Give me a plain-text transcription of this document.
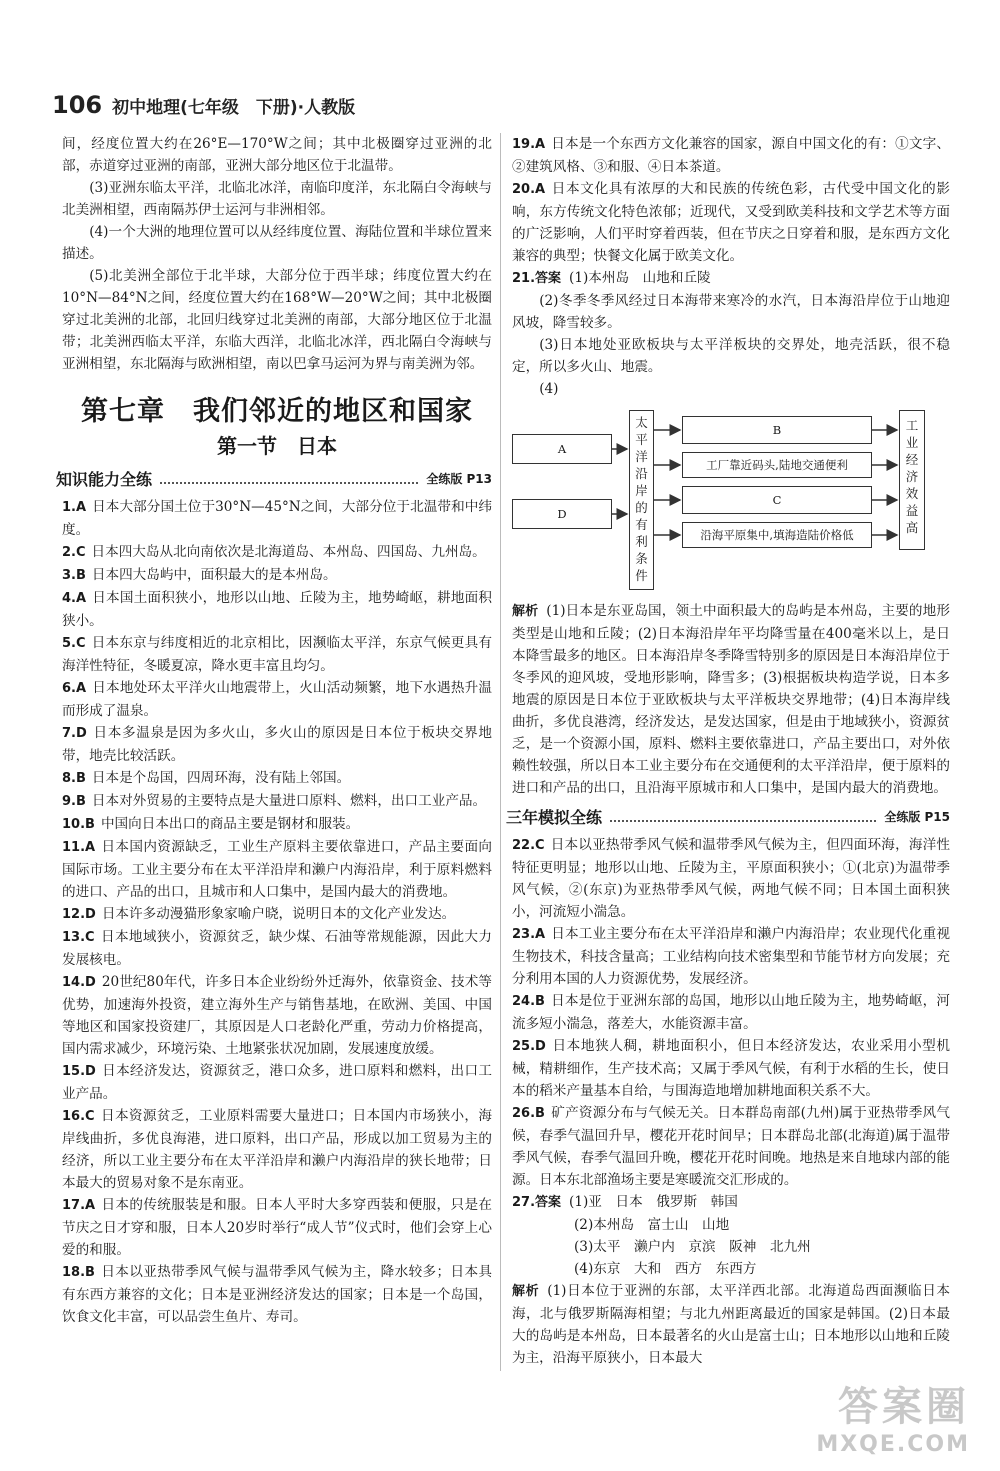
106 初中地理(七年级　下册)·人教版

间，经度位置大约在26°E—170°W之间；其中北极圈穿过亚洲的北部，赤道穿过亚洲的南部，亚洲大部分地区位于北温带。

(3)亚洲东临太平洋，北临北冰洋，南临印度洋，东北隔白令海峡与北美洲相望，西南隔苏伊士运河与非洲相邻。

(4)一个大洲的地理位置可以从经纬度位置、海陆位置和半球位置来描述。

(5)北美洲全部位于北半球，大部分位于西半球；纬度位置大约在10°N—84°N之间，经度位置大约在168°W—20°W之间；其中北极圈穿过北美洲的北部，北回归线穿过北美洲的南部，大部分地区位于北温带；北美洲西临太平洋，东临大西洋，北临北冰洋，西北隔白令海峡与亚洲相望，东北隔海与欧洲相望，南以巴拿马运河为界与南美洲为邻。

第七章　我们邻近的地区和国家
第一节　日本
知识能力全练	全练版 P13

1.A 日本大部分国土位于30°N—45°N之间，大部分位于北温带和中纬度。

2.C 日本四大岛从北向南依次是北海道岛、本州岛、四国岛、九州岛。

3.B 日本四大岛屿中，面积最大的是本州岛。

4.A 日本国土面积狭小，地形以山地、丘陵为主，地势崎岖，耕地面积狭小。

5.C 日本东京与纬度相近的北京相比，因濒临太平洋，东京气候更具有海洋性特征，冬暖夏凉，降水更丰富且均匀。

6.A 日本地处环太平洋火山地震带上，火山活动频繁，地下水遇热升温而形成了温泉。

7.D 日本多温泉是因为多火山，多火山的原因是日本位于板块交界地带，地壳比较活跃。

8.B 日本是个岛国，四周环海，没有陆上邻国。

9.B 日本对外贸易的主要特点是大量进口原料、燃料，出口工业产品。

10.B 中国向日本出口的商品主要是钢材和服装。

11.A 日本国内资源缺乏，工业生产原料主要依靠进口，产品主要面向国际市场。工业主要分布在太平洋沿岸和濑户内海沿岸，利于原料燃料的进口、产品的出口，且城市和人口集中，是国内最大的消费地。

12.D 日本许多动漫猫形象家喻户晓，说明日本的文化产业发达。

13.C 日本地域狭小，资源贫乏，缺少煤、石油等常规能源，因此大力发展核电。

14.D 20世纪80年代，许多日本企业纷纷外迁海外，依靠资金、技术等优势，加速海外投资，建立海外生产与销售基地，在欧洲、美国、中国等地区和国家投资建厂，其原因是人口老龄化严重，劳动力价格提高，国内需求减少，环境污染、土地紧张状况加剧，发展速度放缓。

15.D 日本经济发达，资源贫乏，港口众多，进口原料和燃料，出口工业产品。

16.C 日本资源贫乏，工业原料需要大量进口；日本国内市场狭小，海岸线曲折，多优良海港，进口原料，出口产品，形成以加工贸易为主的经济，所以工业主要分布在太平洋沿岸和濑户内海沿岸的狭长地带；日本最大的贸易对象不是东南亚。

17.A 日本的传统服装是和服。日本人平时大多穿西装和便服，只是在节庆之日才穿和服，日本人20岁时举行“成人节”仪式时，他们会穿上心爱的和服。

18.B 日本以亚热带季风气候与温带季风气候为主，降水较多；日本具有东西方兼容的文化；日本是亚洲经济发达的国家；日本是一个岛国，饮食文化丰富，可以品尝生鱼片、寿司。

19.A 日本是一个东西方文化兼容的国家，源自中国文化的有：①文字、②建筑风格、③和服、④日本茶道。

20.A 日本文化具有浓厚的大和民族的传统色彩，古代受中国文化的影响，东方传统文化特色浓郁；近现代，又受到欧美科技和文学艺术等方面的广泛影响，人们平时穿着西装，但在节庆之日穿着和服，是东西方文化兼容的典型；快餐文化属于欧美文化。

21.答案 (1)本州岛　山地和丘陵

(2)冬季冬季风经过日本海带来寒冷的水汽，日本海沿岸位于山地迎风坡，降雪较多。

(3)日本地处亚欧板块与太平洋板块的交界处，地壳活跃，很不稳定，所以多火山、地震。

(4)

A
D
太平洋沿岸的有利条件
B
工厂靠近码头,陆地交通便利
C
沿海平原集中,填海造陆价格低
工业经济效益高

解析 (1)日本是东亚岛国，领土中面积最大的岛屿是本州岛，主要的地形类型是山地和丘陵；(2)日本海沿岸年平均降雪量在400毫米以上，是日本降雪最多的地区。日本海沿岸冬季降雪特别多的原因是日本海沿岸位于冬季风的迎风坡，受地形影响，降雪多；(3)根据板块构造学说，日本多地震的原因是日本位于亚欧板块与太平洋板块交界地带；(4)日本海岸线曲折，多优良港湾，经济发达，是发达国家，但是由于地域狭小，资源贫乏，是一个资源小国，原料、燃料主要依靠进口，产品主要出口，对外依赖性较强，所以日本工业主要分布在交通便利的太平洋沿岸，便于原料的进口和产品的出口，且沿海平原城市和人口集中，是国内最大的消费地。

三年模拟全练	全练版 P15

22.C 日本以亚热带季风气候和温带季风气候为主，但四面环海，海洋性特征更明显；地形以山地、丘陵为主，平原面积狭小；①(北京)为温带季风气候，②(东京)为亚热带季风气候，两地气候不同；日本国土面积狭小，河流短小湍急。

23.A 日本工业主要分布在太平洋沿岸和濑户内海沿岸；农业现代化重视生物技术，科技含量高；工业结构向技术密集型和节能节材方向发展；充分利用本国的人力资源优势，发展经济。

24.B 日本是位于亚洲东部的岛国，地形以山地丘陵为主，地势崎岖，河流多短小湍急，落差大，水能资源丰富。

25.D 日本地狭人稠，耕地面积小，但日本经济发达，农业采用小型机械，精耕细作，生产技术高；又属于季风气候，有利于水稻的生长，使日本的稻米产量基本自给，与围海造地增加耕地面积关系不大。

26.B 矿产资源分布与气候无关。日本群岛南部(九州)属于亚热带季风气候，春季气温回升早，樱花开花时间早；日本群岛北部(北海道)属于温带季风气候，春季气温回升晚，樱花开花时间晚。地热是来自地球内部的能源。日本东北部渔场主要是寒暖流交汇形成的。

27.答案 (1)亚　日本　俄罗斯　韩国

(2)本州岛　富士山　山地

(3)太平　濑户内　京滨　阪神　北九州

(4)东京　大和　西方　东西方

解析 (1)日本位于亚洲的东部，太平洋西北部。北海道岛西面濒临日本海，北与俄罗斯隔海相望；与北九州距离最近的国家是韩国。(2)日本最大的岛屿是本州岛，日本最著名的火山是富士山；日本地形以山地和丘陵为主，沿海平原狭小，日本最大

答案圈
MXQE.COM
